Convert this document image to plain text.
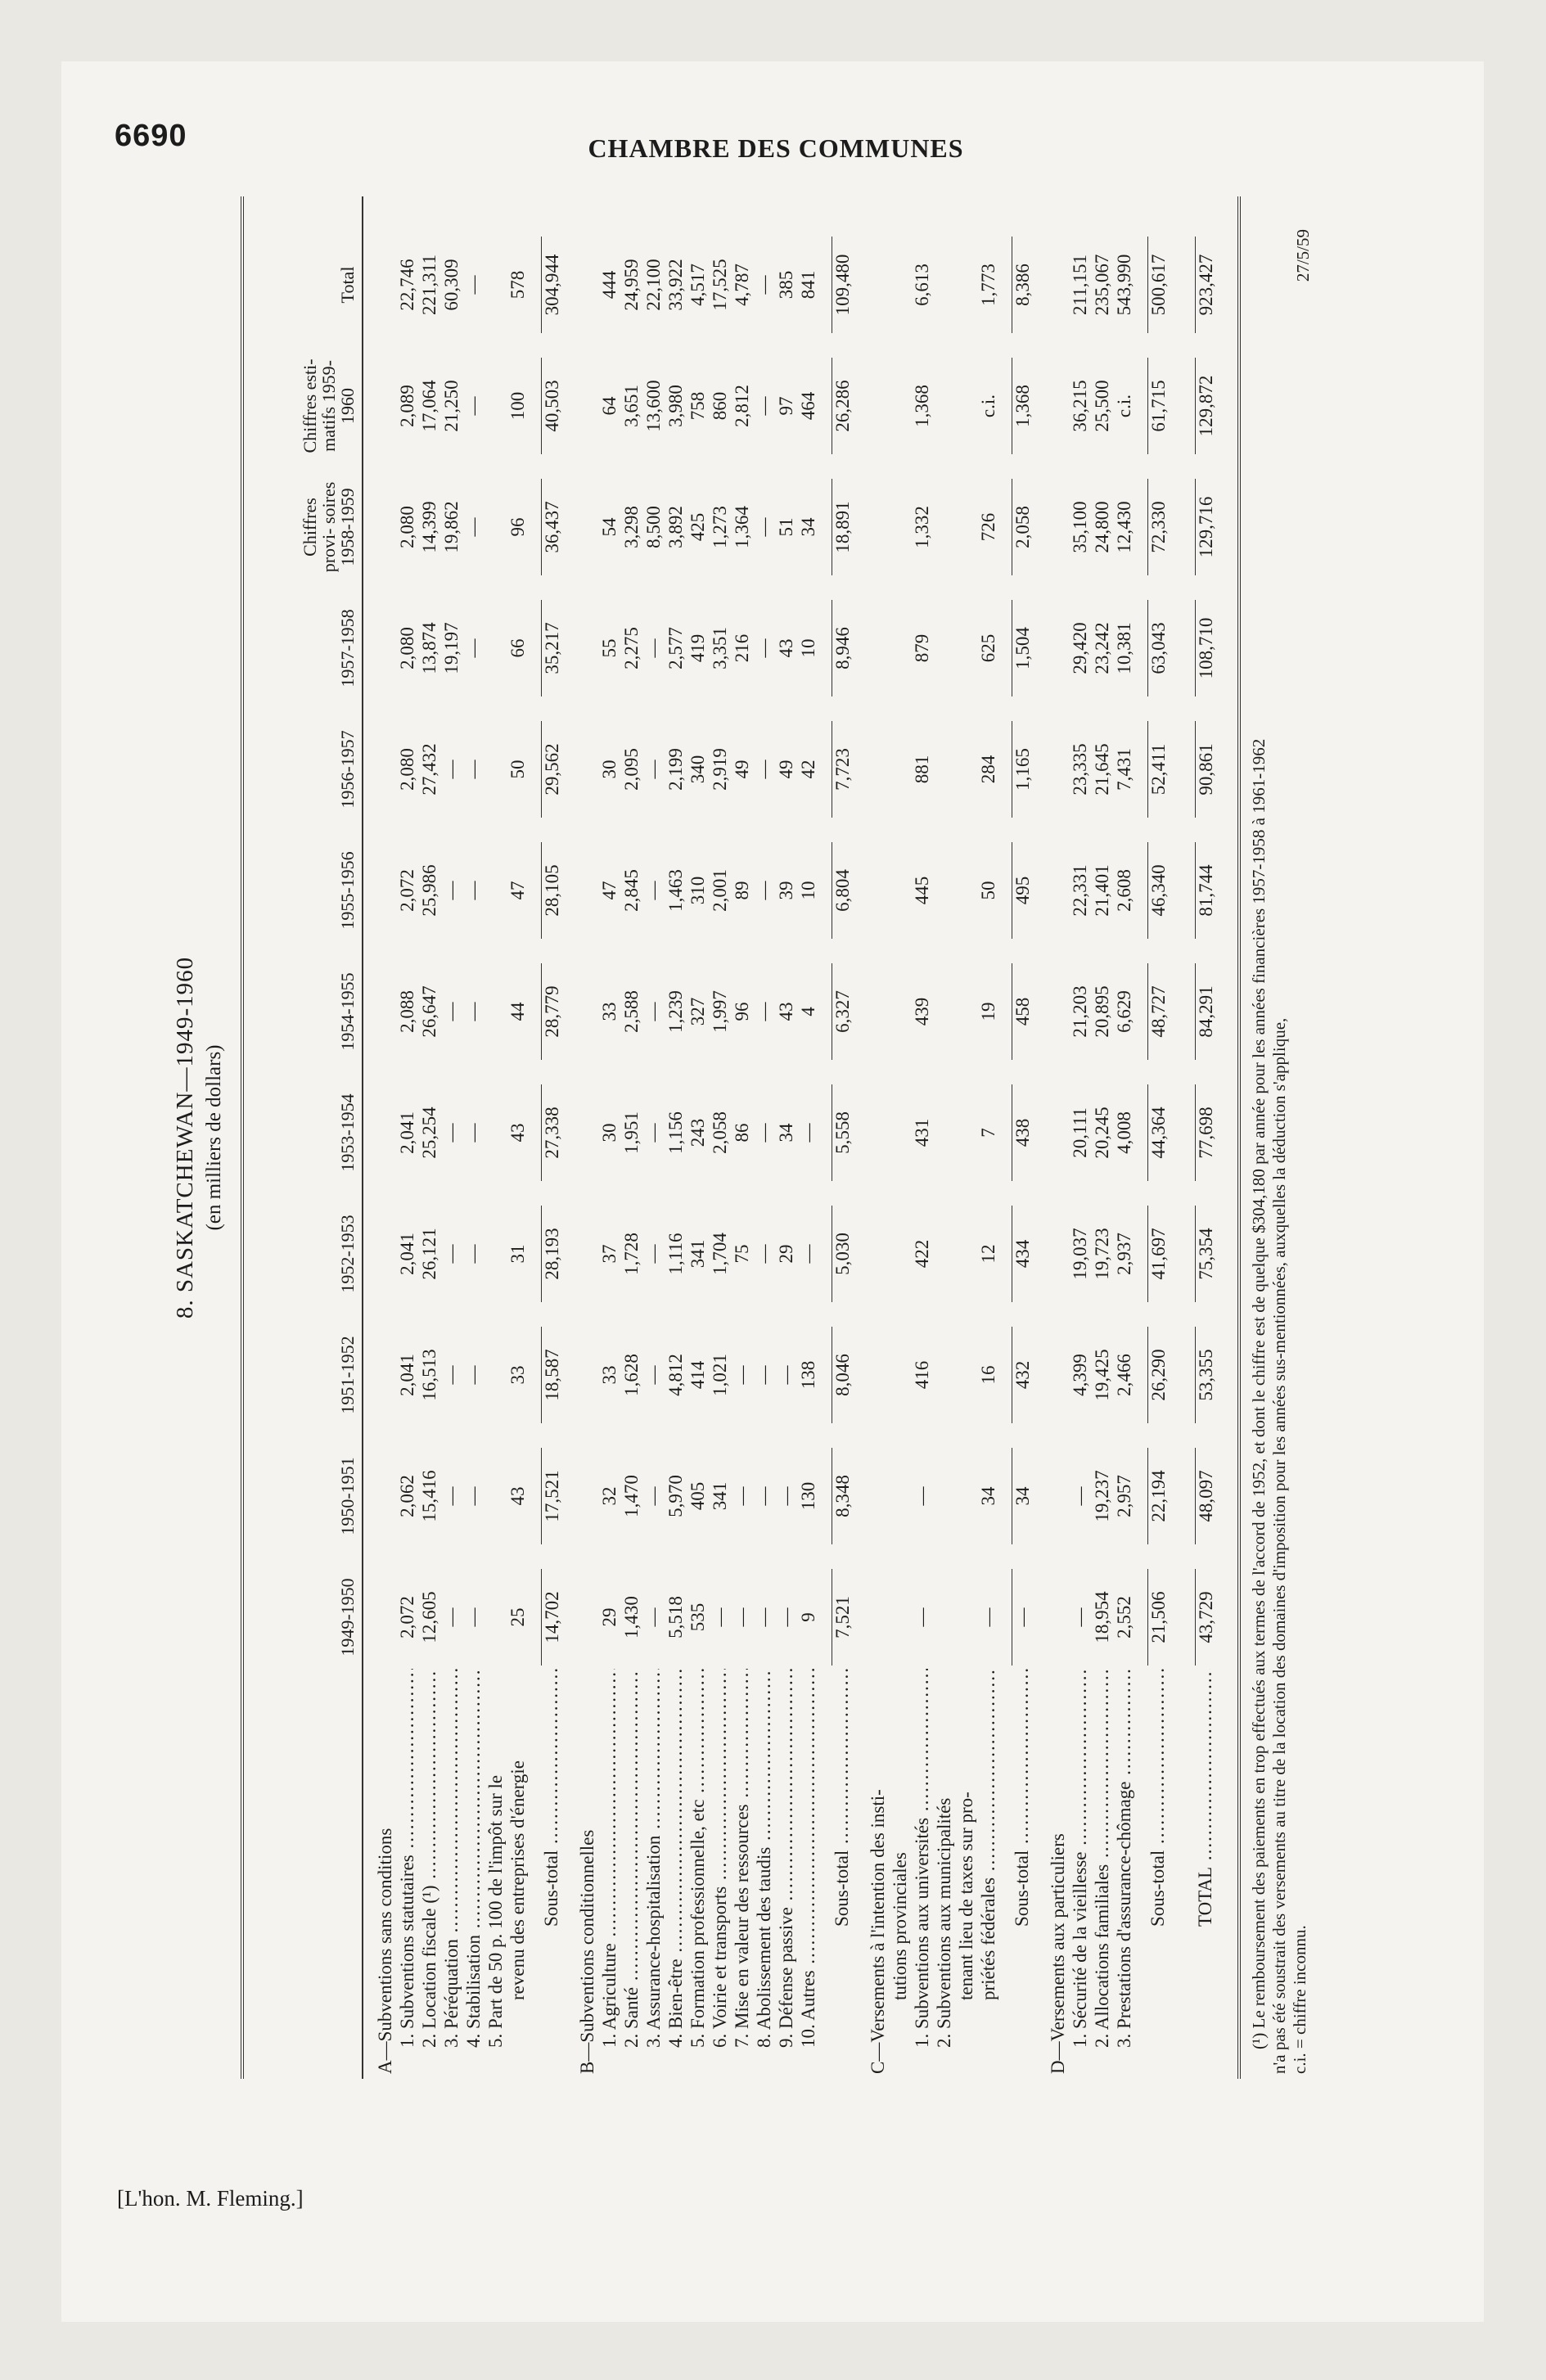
6690	CHAMBRE DES COMMUNES
[L'hon. M. Fleming.]
8. SASKATCHEWAN—1949-1960 (en milliers de dollars)
1949-1950
1950-1951
1951-1952
1952-1953
1953-1954
1954-1955
1955-1956
1956-1957
1957-1958
Chiffres provi- soires 1958-1959
Chiffres esti- matifs 1959-1960
Total
A—Subventions sans conditions 1. Subventions statutaires .....
2,072
2,062
2,041
2,041
2,041
2,088
2,072
2,080
2,080
2,080
2,089
22,746
2. Location fiscale (¹) .....
12,605
15,416
16,513
26,121
25,254
26,647
25,986
27,432
13,874
14,399
17,064
221,311
3. Péréquation .....
—
—
—
—
—
—
—
—
19,197
19,862
21,250
60,309
4. Stabilisation .....
—
—
—
—
—
—
—
—
—
—
—
—
5. Part de 50 p. 100 de l'impôt sur le revenu des entreprises d'énergie
25
43
33
31
43
44
47
50
66
96
100
578
Sous-total .....
14,702
17,521
18,587
28,193
27,338
28,779
28,105
29,562
35,217
36,437
40,503
304,944
B—Subventions conditionnelles 1. Agriculture .....
29
32
33
37
30
33
47
30
55
54
64
444
2. Santé .....
1,430
1,470
1,628
1,728
1,951
2,588
2,845
2,095
2,275
3,298
3,651
24,959
3. Assurance-hospitalisation .....
—
—
—
—
—
—
—
—
—
8,500
13,600
22,100
4. Bien-être .....
5,518
5,970
4,812
1,116
1,156
1,239
1,463
2,199
2,577
3,892
3,980
33,922
5. Formation professionnelle, etc .....
535
405
414
341
243
327
310
340
419
425
758
4,517
6. Voirie et transports .....
—
341
1,021
1,704
2,058
1,997
2,001
2,919
3,351
1,273
860
17,525
7. Mise en valeur des ressources .....
—
—
—
75
86
96
89
49
216
1,364
2,812
4,787
8. Abolissement des taudis .....
—
—
—
—
—
—
—
—
—
—
—
—
9. Défense passive .....
—
—
—
29
34
43
39
49
43
51
97
385
10. Autres .....
9
130
138
—
—
4
10
42
10
34
464
841
Sous-total .....
7,521
8,348
8,046
5,030
5,558
6,327
6,804
7,723
8,946
18,891
26,286
109,480
C—Versements à l'intention des insti- tutions provinciales 1. Subventions aux universités .....
—
—
416
422
431
439
445
881
879
1,332
1,368
6,613
2. Subventions aux municipalités tenant lieu de taxes sur pro- priétés fédérales .....
—
34
16
12
7
19
50
284
625
726
c.i.
1,773
Sous-total .....
—
34
432
434
438
458
495
1,165
1,504
2,058
1,368
8,386
D—Versements aux particuliers 1. Sécurité de la vieillesse .....
—
—
4,399
19,037
20,111
21,203
22,331
23,335
29,420
35,100
36,215
211,151
2. Allocations familiales .....
18,954
19,237
19,425
19,723
20,245
20,895
21,401
21,645
23,242
24,800
25,500
235,067
3. Prestations d'assurance-chômage .....
2,552
2,957
2,466
2,937
4,008
6,629
2,608
7,431
10,381
12,430
c.i.
543,990
Sous-total .....
21,506
22,194
26,290
41,697
44,364
48,727
46,340
52,411
63,043
72,330
61,715
500,617
TOTAL .....
43,729
48,097
53,355
75,354
77,698
84,291
81,744
90,861
108,710
129,716
129,872
923,427
(¹) Le remboursement des paiements en trop effectués aux termes de l'accord de 1952, et dont le chiffre est de quelque $304,180 par année pour les années financières 1957-1958 à 1961-1962 n'a pas été soustrait des versements au titre de la location des domaines d'imposition pour les années sus-mentionnées, auxquelles la déduction s'applique, c.i. = chiffre inconnu.
27/5/59
